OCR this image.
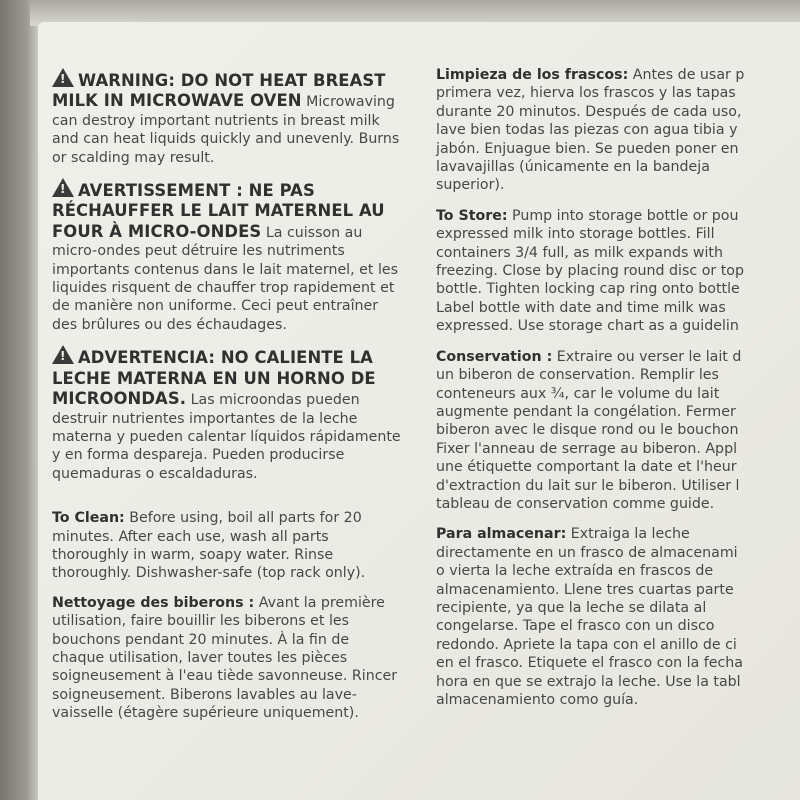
!WARNING: DO NOT HEAT BREAST MILK IN MICROWAVE OVEN Microwaving can destroy important nutrients in breast milk and can heat liquids quickly and unevenly. Burns or scalding may result.
!AVERTISSEMENT : NE PAS RÉCHAUFFER LE LAIT MATERNEL AU FOUR À MICRO-ONDES La cuisson au micro-ondes peut détruire les nutriments importants contenus dans le lait maternel, et les liquides risquent de chauffer trop rapidement et de manière non uniforme. Ceci peut entraîner des brûlures ou des échaudages.
!ADVERTENCIA: NO CALIENTE LA LECHE MATERNA EN UN HORNO DE MICROONDAS. Las microondas pueden destruir nutrientes importantes de la leche materna y pueden calentar líquidos rápidamente y en forma despareja. Pueden producirse quemaduras o escaldaduras.
To Clean: Before using, boil all parts for 20 minutes. After each use, wash all parts thoroughly in warm, soapy water. Rinse thoroughly. Dishwasher-safe (top rack only).
Nettoyage des biberons : Avant la première utilisation, faire bouillir les biberons et les bouchons pendant 20 minutes. À la fin de chaque utilisation, laver toutes les pièces soigneusement à l'eau tiède savonneuse. Rincer soigneusement. Biberons lavables au lave-vaisselle (étagère supérieure uniquement).
Limpieza de los frascos: Antes de usar p
primera vez, hierva los frascos y las tapas
durante 20 minutos. Después de cada uso,
lave bien todas las piezas con agua tibia y
jabón. Enjuague bien. Se pueden poner en
lavavajillas (únicamente en la bandeja
superior).
To Store: Pump into storage bottle or pou
expressed milk into storage bottles. Fill
containers 3/4 full, as milk expands with
freezing. Close by placing round disc or top
bottle. Tighten locking cap ring onto bottle
Label bottle with date and time milk was
expressed. Use storage chart as a guidelin
Conservation : Extraire ou verser le lait d
un biberon de conservation. Remplir les
conteneurs aux ¾, car le volume du lait
augmente pendant la congélation. Fermer
biberon avec le disque rond ou le bouchon
Fixer l'anneau de serrage au biberon. Appl
une étiquette comportant la date et l'heur
d'extraction du lait sur le biberon. Utiliser l
tableau de conservation comme guide.
Para almacenar: Extraiga la leche
directamente en un frasco de almacenami
o vierta la leche extraída en frascos de
almacenamiento. Llene tres cuartas parte
recipiente, ya que la leche se dilata al
congelarse. Tape el frasco con un disco
redondo. Apriete la tapa con el anillo de ci
en el frasco. Etiquete el frasco con la fecha
hora en que se extrajo la leche. Use la tabl
almacenamiento como guía.
